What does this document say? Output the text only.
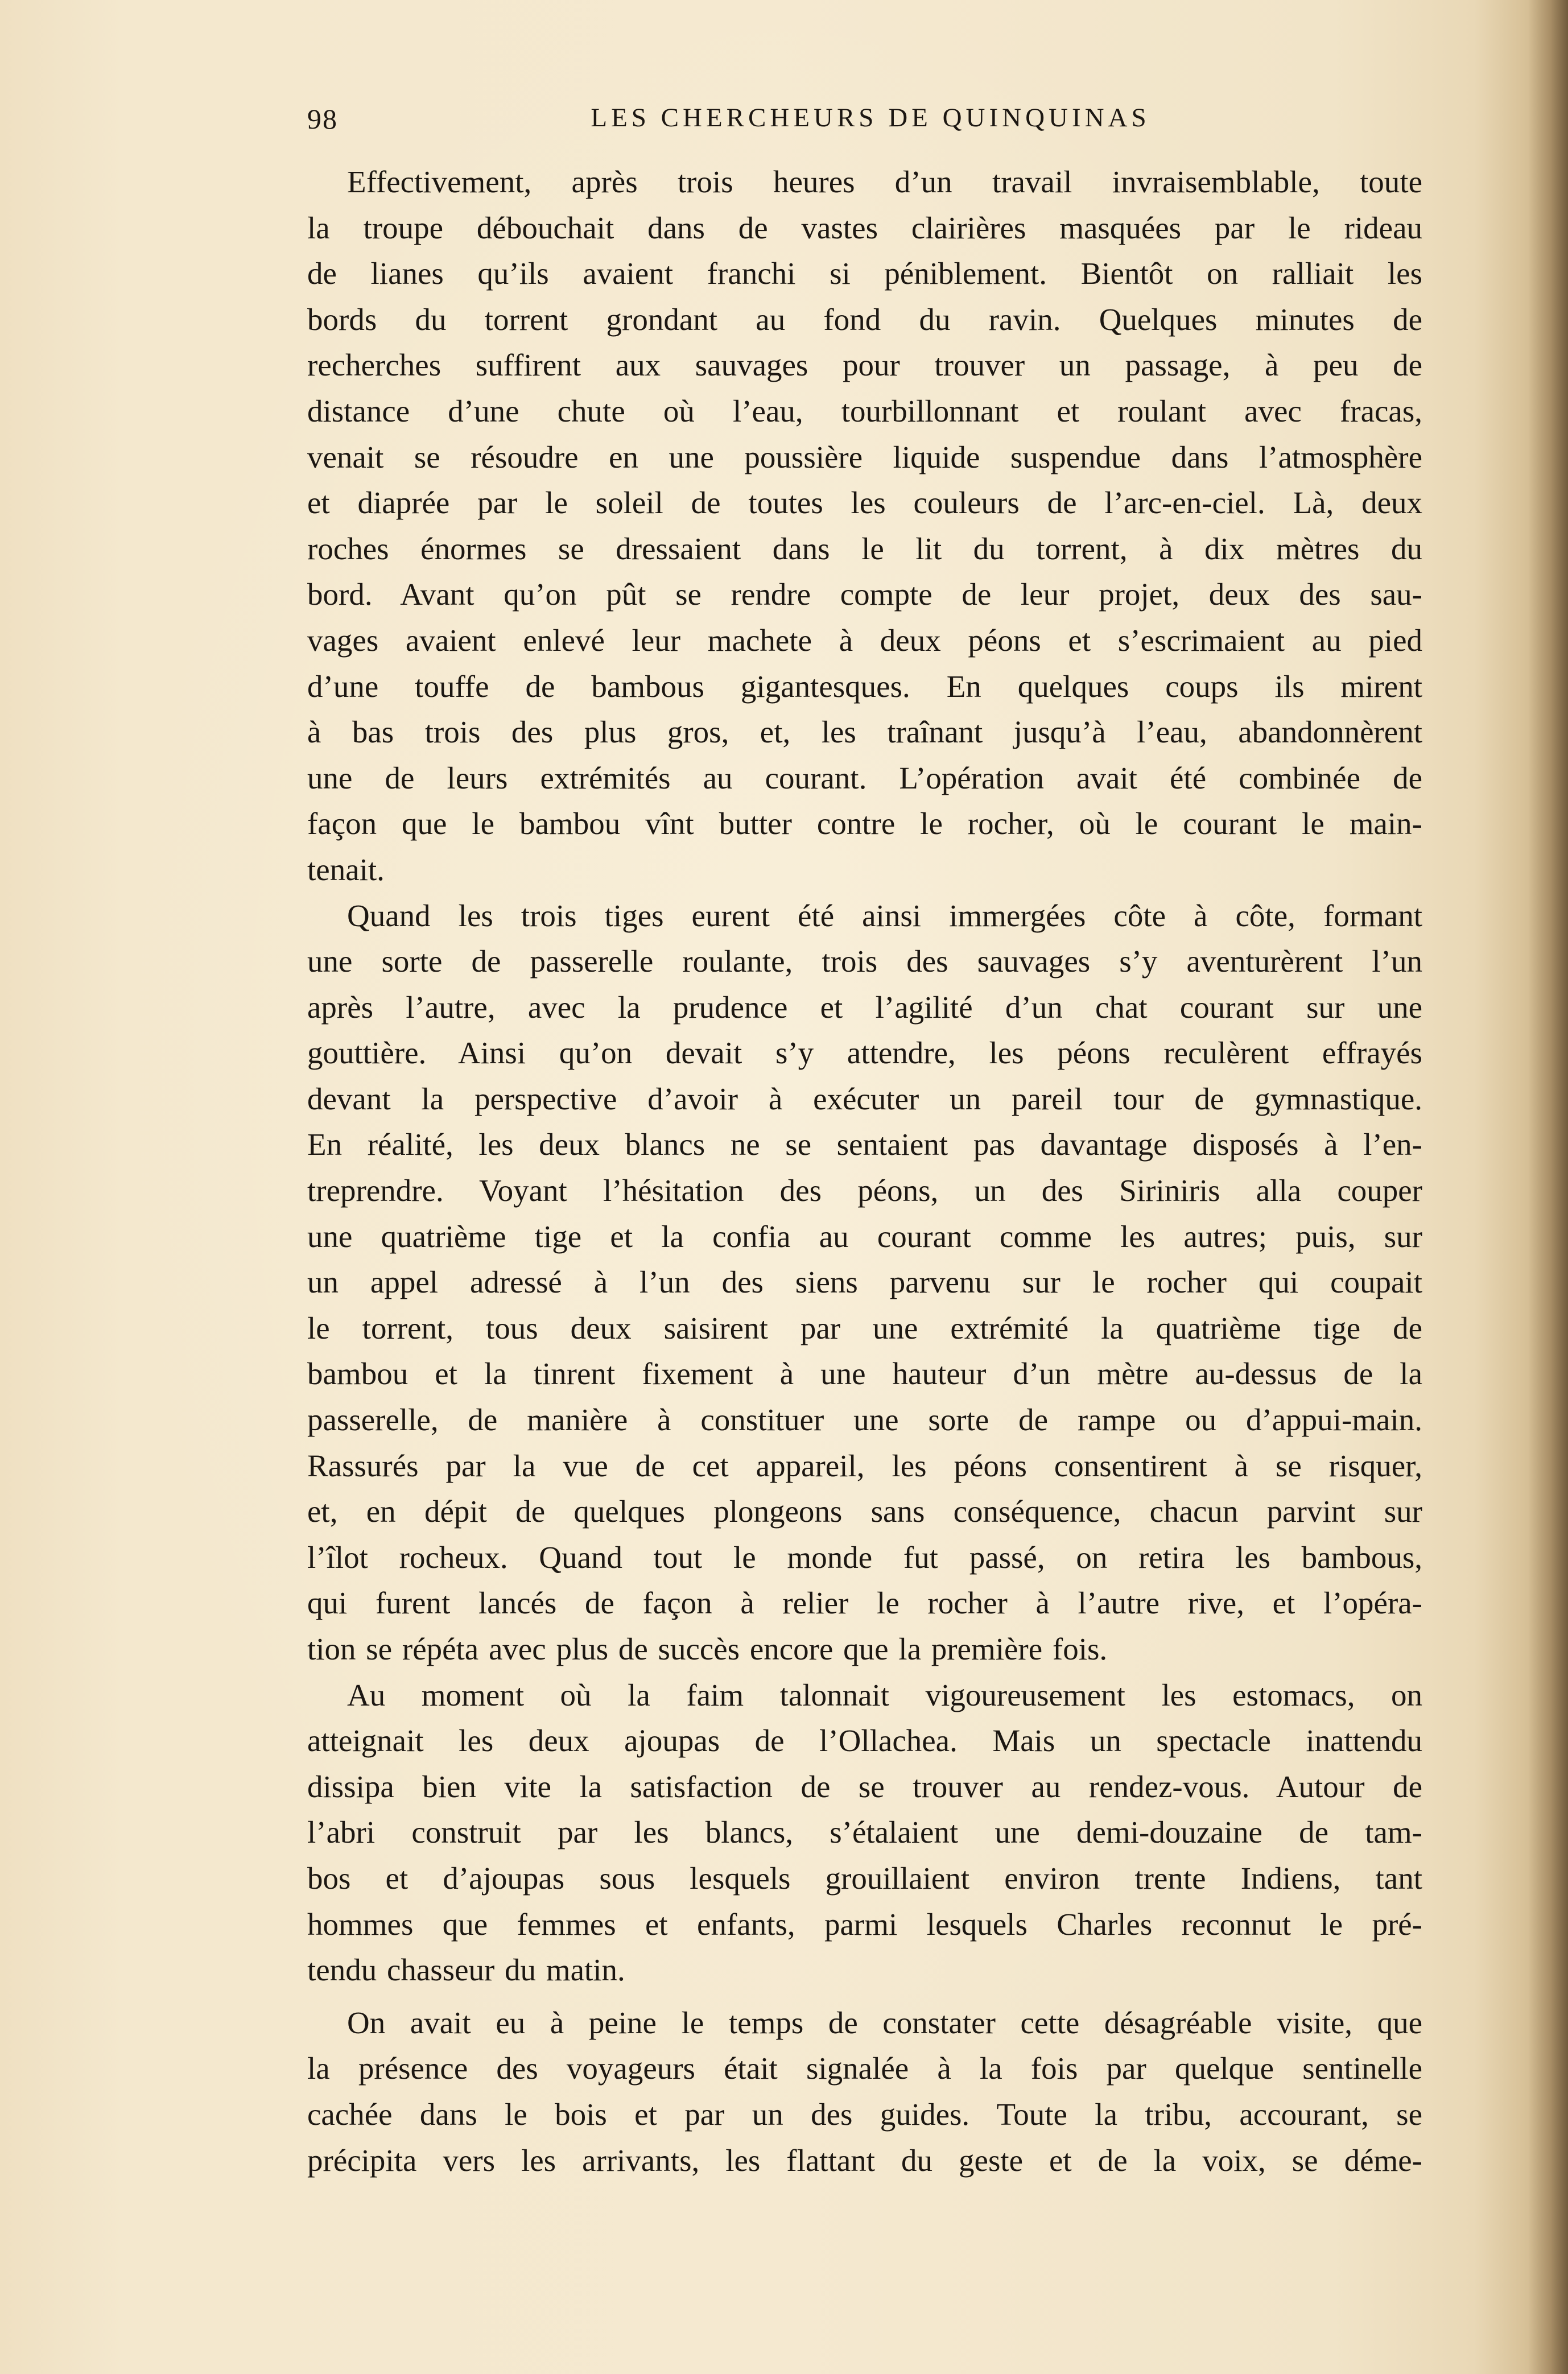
98	LES CHERCHEURS DE QUINQUINAS
Effectivement, après trois heures d’un travail invraisemblable, toute
la troupe débouchait dans de vastes clairières masquées par le rideau
de lianes qu’ils avaient franchi si péniblement. Bientôt on ralliait les
bords du torrent grondant au fond du ravin. Quelques minutes de
recherches suffirent aux sauvages pour trouver un passage, à peu de
distance d’une chute où l’eau, tourbillonnant et roulant avec fracas,
venait se résoudre en une poussière liquide suspendue dans l’atmosphère
et diaprée par le soleil de toutes les couleurs de l’arc-en-ciel. Là, deux
roches énormes se dressaient dans le lit du torrent, à dix mètres du
bord. Avant qu’on pût se rendre compte de leur projet, deux des sau-
vages avaient enlevé leur machete à deux péons et s’escrimaient au pied
d’une touffe de bambous gigantesques. En quelques coups ils mirent
à bas trois des plus gros, et, les traînant jusqu’à l’eau, abandonnèrent
une de leurs extrémités au courant. L’opération avait été combinée de
façon que le bambou vînt butter contre le rocher, où le courant le main-
tenait.
Quand les trois tiges eurent été ainsi immergées côte à côte, formant
une sorte de passerelle roulante, trois des sauvages s’y aventurèrent l’un
après l’autre, avec la prudence et l’agilité d’un chat courant sur une
gouttière. Ainsi qu’on devait s’y attendre, les péons reculèrent effrayés
devant la perspective d’avoir à exécuter un pareil tour de gymnastique.
En réalité, les deux blancs ne se sentaient pas davantage disposés à l’en-
treprendre. Voyant l’hésitation des péons, un des Siriniris alla couper
une quatrième tige et la confia au courant comme les autres; puis, sur
un appel adressé à l’un des siens parvenu sur le rocher qui coupait
le torrent, tous deux saisirent par une extrémité la quatrième tige de
bambou et la tinrent fixement à une hauteur d’un mètre au-dessus de la
passerelle, de manière à constituer une sorte de rampe ou d’appui-main.
Rassurés par la vue de cet appareil, les péons consentirent à se risquer,
et, en dépit de quelques plongeons sans conséquence, chacun parvint sur
l’îlot rocheux. Quand tout le monde fut passé, on retira les bambous,
qui furent lancés de façon à relier le rocher à l’autre rive, et l’opéra-
tion se répéta avec plus de succès encore que la première fois.
Au moment où la faim talonnait vigoureusement les estomacs, on
atteignait les deux ajoupas de l’Ollachea. Mais un spectacle inattendu
dissipa bien vite la satisfaction de se trouver au rendez-vous. Autour de
l’abri construit par les blancs, s’étalaient une demi-douzaine de tam-
bos et d’ajoupas sous lesquels grouillaient environ trente Indiens, tant
hommes que femmes et enfants, parmi lesquels Charles reconnut le pré-
tendu chasseur du matin.
On avait eu à peine le temps de constater cette désagréable visite, que
la présence des voyageurs était signalée à la fois par quelque sentinelle
cachée dans le bois et par un des guides. Toute la tribu, accourant, se
précipita vers les arrivants, les flattant du geste et de la voix, se déme-
